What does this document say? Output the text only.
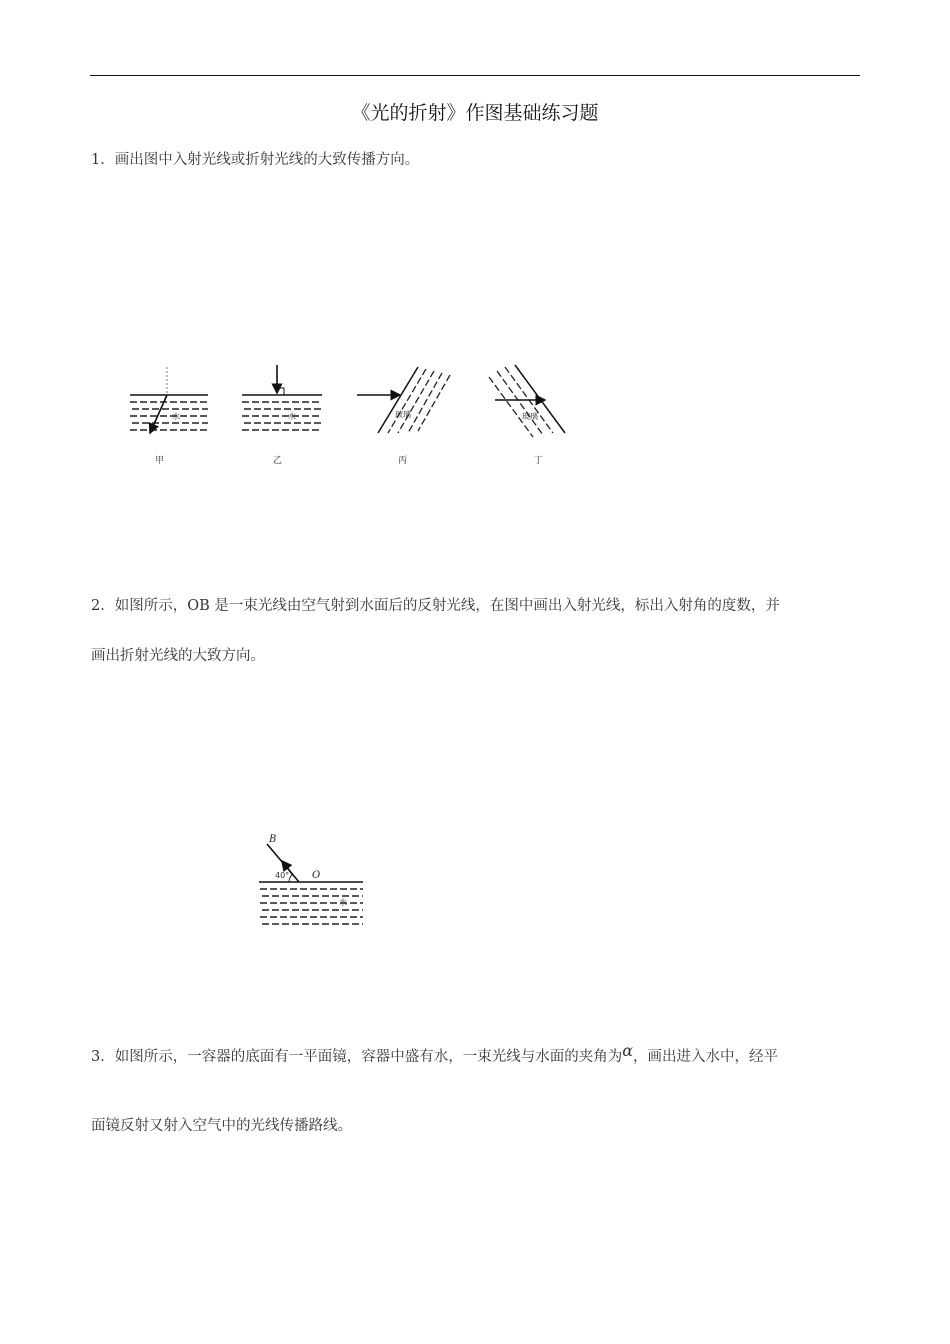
《光的折射》作图基础练习题
1．画出图中入射光线或折射光线的大致传播方向。
水
甲
水
乙
玻璃
丙
玻璃
丁
2．如图所示，OB 是一束光线由空气射到水面后的反射光线，在图中画出入射光线，标出入射角的度数，并
画出折射光线的大致方向。
B
O
40°
水
3．如图所示，一容器的底面有一平面镜，容器中盛有水，一束光线与水面的夹角为α，画出进入水中，经平
面镜反射又射入空气中的光线传播路线。
